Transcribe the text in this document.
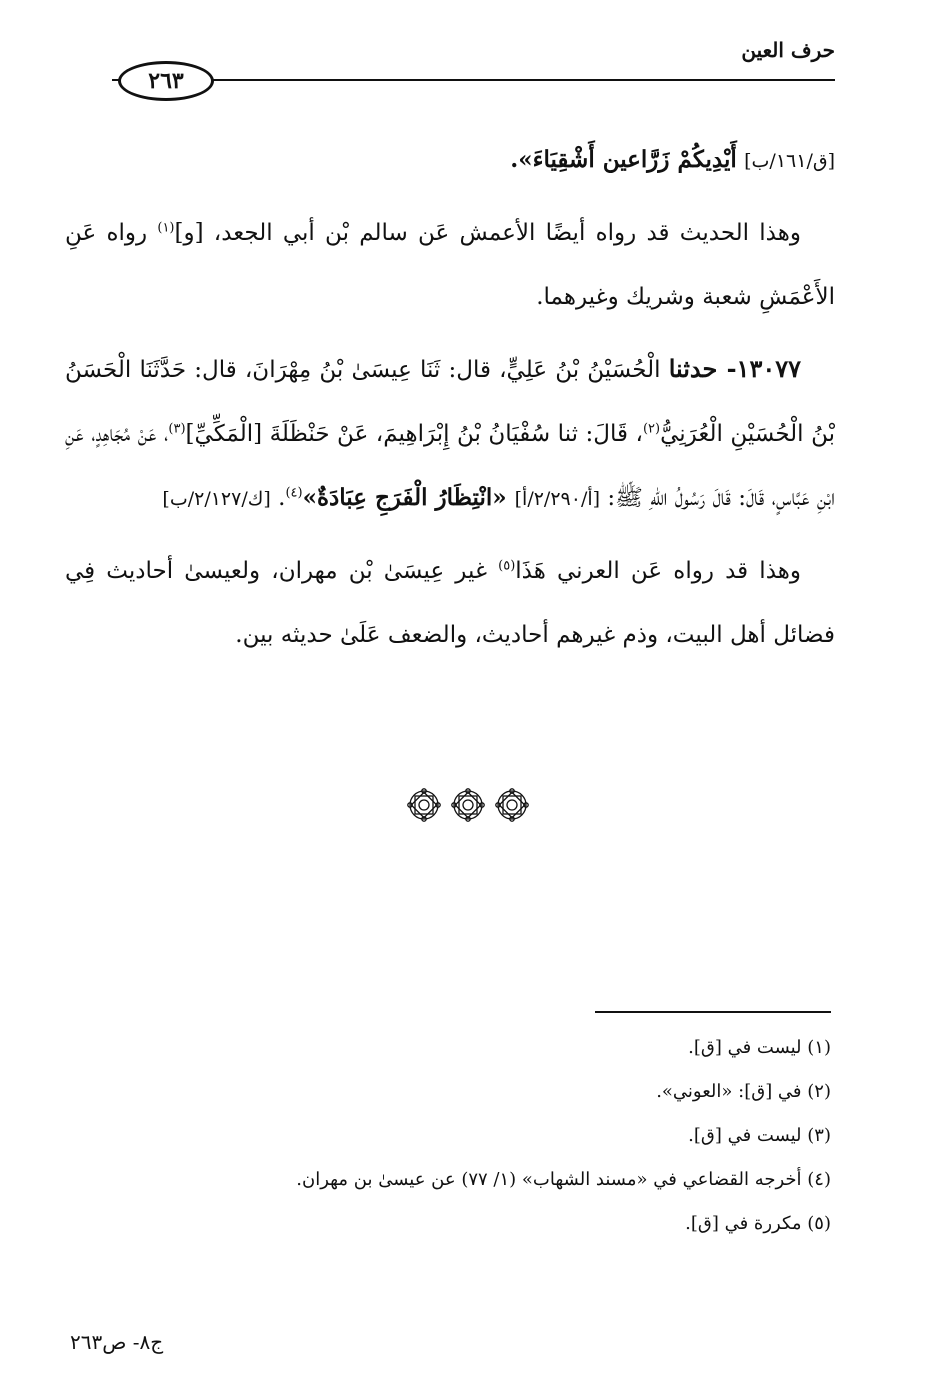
حرف العين
٢٦٣

[ق/١٦١/ب] أَيْدِيكُمْ زَرَّاعين أَشْقِيَاءَ».

وهذا الحديث قد رواه أيضًا الأعمش عَن سالم بْن أبي الجعد، [و]$^{(١)}$ رواه عَنِ الأَعْمَشِ شعبة وشريك وغيرهما.

١٣٠٧٧- حدثنا الْحُسَيْنُ بْنُ عَلِيٍّ، قال: ثَنَا عِيسَىٰ بْنُ مِهْرَانَ، قال: حَدَّثَنَا الْحَسَنُ بْنُ الْحُسَيْنِ الْعُرَنِيُّ$^{(٢)}$، قَالَ: ثنا سُفْيَانُ بْنُ إِبْرَاهِيمَ، عَنْ حَنْظَلَةَ [الْمَكِّيِّ]$^{(٣)}$، عَنْ مُجَاهِدٍ، عَنِ ابْنِ عَبَّاسٍ، قَالَ: قَالَ رَسُولُ اللهِ ﷺ: [أ/٢/٢٩٠/أ] «انْتِظَارُ الْفَرَجِ عِبَادَةٌ»$^{(٤)}$. [ك/٢/١٢٧/ب]

وهذا قد رواه عَن العرني هَذَا$^{(٥)}$ غير عِيسَىٰ بْن مهران، ولعيسىٰ أحاديث فِي فضائل أهل البيت، وذم غيرهم أحاديث، والضعف عَلَىٰ حديثه بين.

(١) ليست في [ق].
(٢) في [ق]: «العوني».
(٣) ليست في [ق].
(٤) أخرجه القضاعي في «مسند الشهاب» (١/ ٧٧) عن عيسىٰ بن مهران.
(٥) مكررة في [ق].
ج٨- ص٢٦٣
